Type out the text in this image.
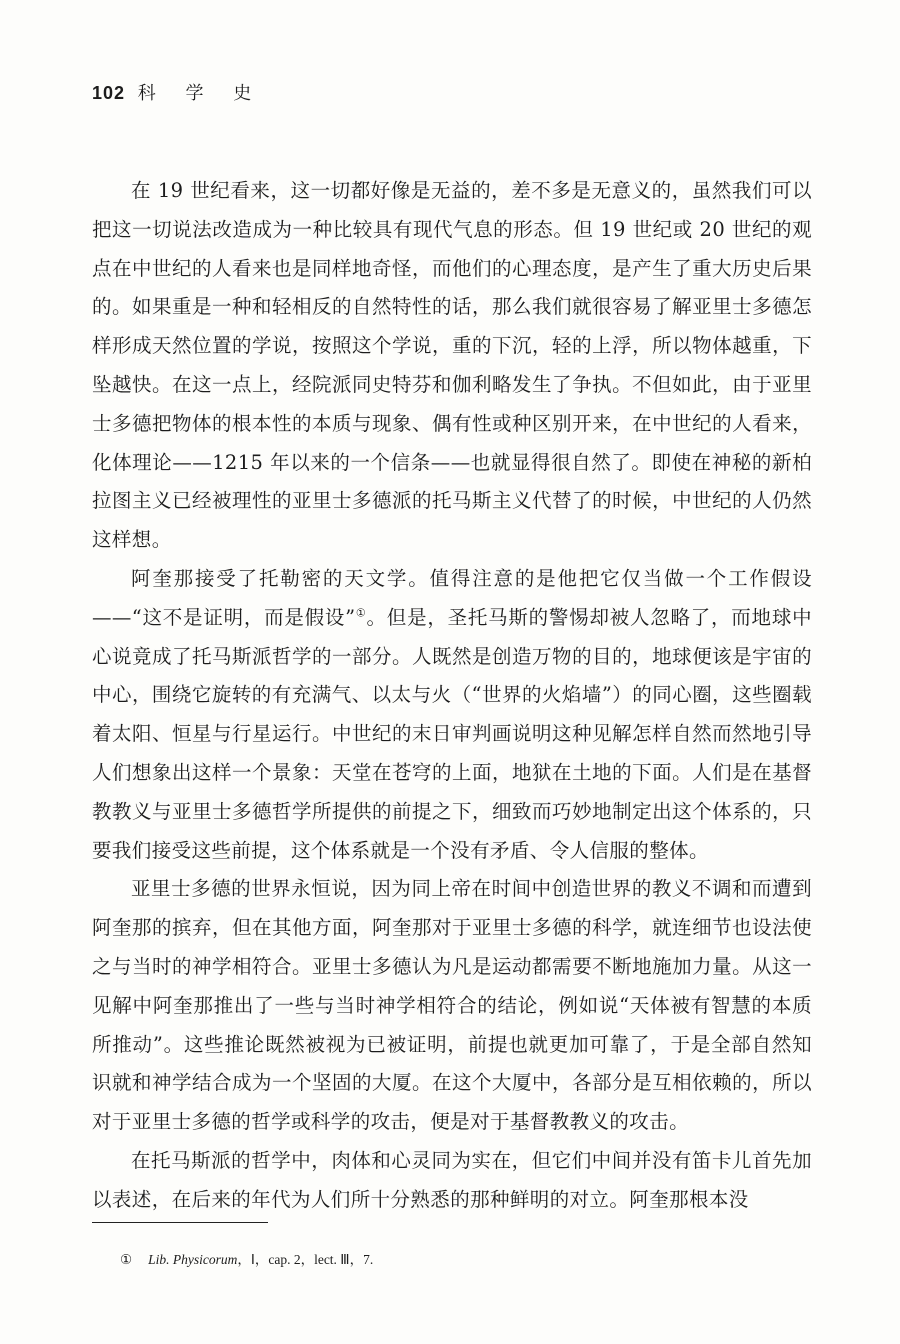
102 科 学 史

在 19 世纪看来，这一切都好像是无益的，差不多是无意义的，虽然我们可以把这一切说法改造成为一种比较具有现代气息的形态。但 19 世纪或 20 世纪的观点在中世纪的人看来也是同样地奇怪，而他们的心理态度，是产生了重大历史后果的。如果重是一种和轻相反的自然特性的话，那么我们就很容易了解亚里士多德怎样形成天然位置的学说，按照这个学说，重的下沉，轻的上浮，所以物体越重，下坠越快。在这一点上，经院派同史特芬和伽利略发生了争执。不但如此，由于亚里士多德把物体的根本性的本质与现象、偶有性或种区别开来，在中世纪的人看来，化体理论——1215 年以来的一个信条——也就显得很自然了。即使在神秘的新柏拉图主义已经被理性的亚里士多德派的托马斯主义代替了的时候，中世纪的人仍然这样想。

阿奎那接受了托勒密的天文学。值得注意的是他把它仅当做一个工作假设——“这不是证明，而是假设”①。但是，圣托马斯的警惕却被人忽略了，而地球中心说竟成了托马斯派哲学的一部分。人既然是创造万物的目的，地球便该是宇宙的中心，围绕它旋转的有充满气、以太与火（“世界的火焰墙”）的同心圈，这些圈载着太阳、恒星与行星运行。中世纪的末日审判画说明这种见解怎样自然而然地引导人们想象出这样一个景象：天堂在苍穹的上面，地狱在土地的下面。人们是在基督教教义与亚里士多德哲学所提供的前提之下，细致而巧妙地制定出这个体系的，只要我们接受这些前提，这个体系就是一个没有矛盾、令人信服的整体。

亚里士多德的世界永恒说，因为同上帝在时间中创造世界的教义不调和而遭到阿奎那的摈弃，但在其他方面，阿奎那对于亚里士多德的科学，就连细节也设法使之与当时的神学相符合。亚里士多德认为凡是运动都需要不断地施加力量。从这一见解中阿奎那推出了一些与当时神学相符合的结论，例如说“天体被有智慧的本质所推动”。这些推论既然被视为已被证明，前提也就更加可靠了，于是全部自然知识就和神学结合成为一个坚固的大厦。在这个大厦中，各部分是互相依赖的，所以对于亚里士多德的哲学或科学的攻击，便是对于基督教教义的攻击。

在托马斯派的哲学中，肉体和心灵同为实在，但它们中间并没有笛卡儿首先加以表述，在后来的年代为人们所十分熟悉的那种鲜明的对立。阿奎那根本没

① Lib. Physicorum，Ⅰ，cap. 2，lect. Ⅲ，7.
